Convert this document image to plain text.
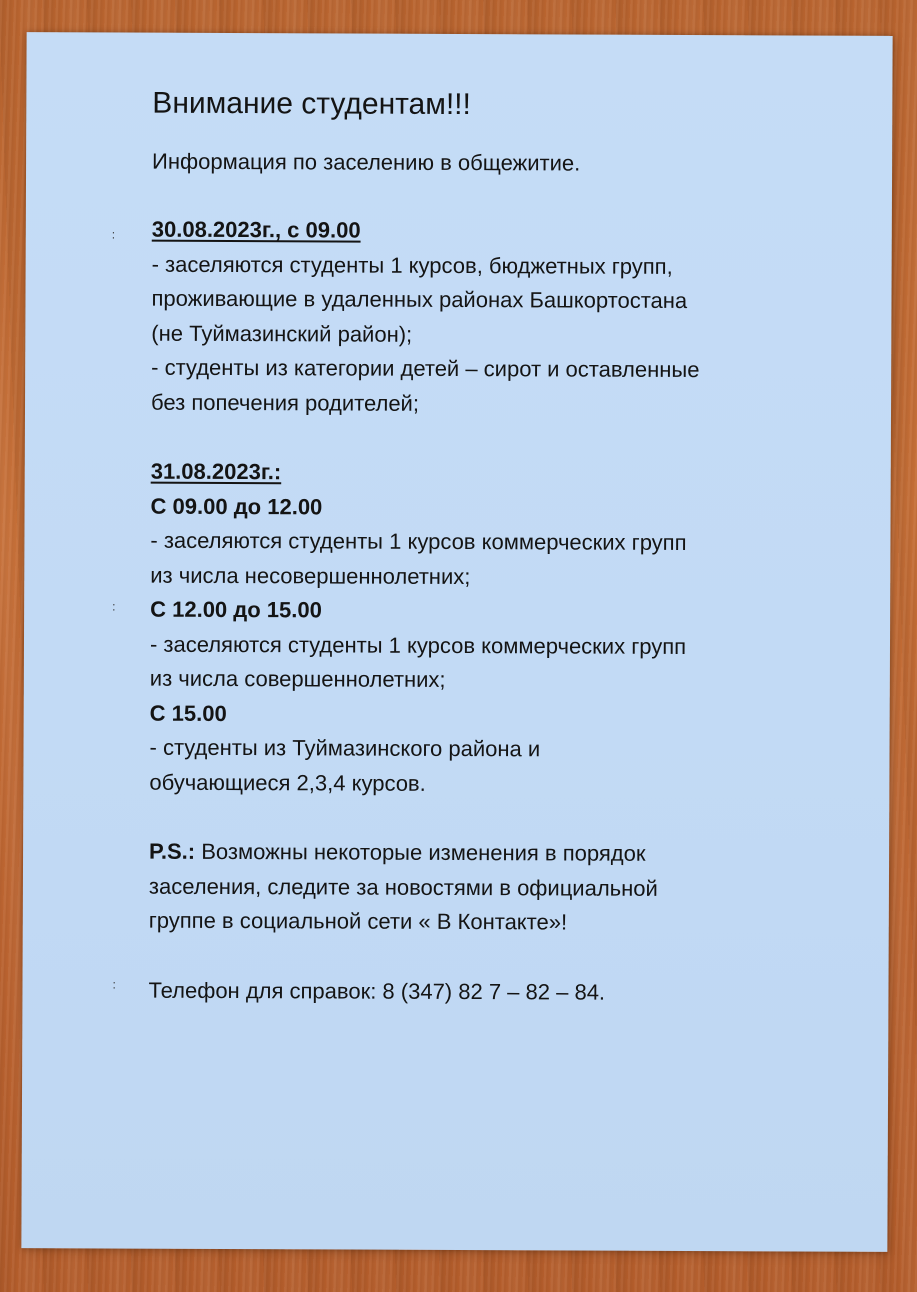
:
:
:
Внимание студентам!!!
Информация по заселению в общежитие.
30.08.2023г., с 09.00
- заселяются студенты 1 курсов, бюджетных групп,
проживающие в удаленных районах Башкортостана
(не Туймазинский район);
- студенты из категории детей – сирот и оставленные
без попечения родителей;
31.08.2023г.:
С 09.00 до 12.00
- заселяются студенты 1 курсов коммерческих групп
из числа несовершеннолетних;
С 12.00 до 15.00
- заселяются студенты 1 курсов коммерческих групп
из числа совершеннолетних;
С 15.00
- студенты из Туймазинского района и
обучающиеся 2,3,4 курсов.
P.S.: Возможны некоторые изменения в порядок
заселения, следите за новостями в официальной
группе в социальной сети « В Контакте»!
Телефон для справок: 8 (347) 82 7 – 82 – 84.
